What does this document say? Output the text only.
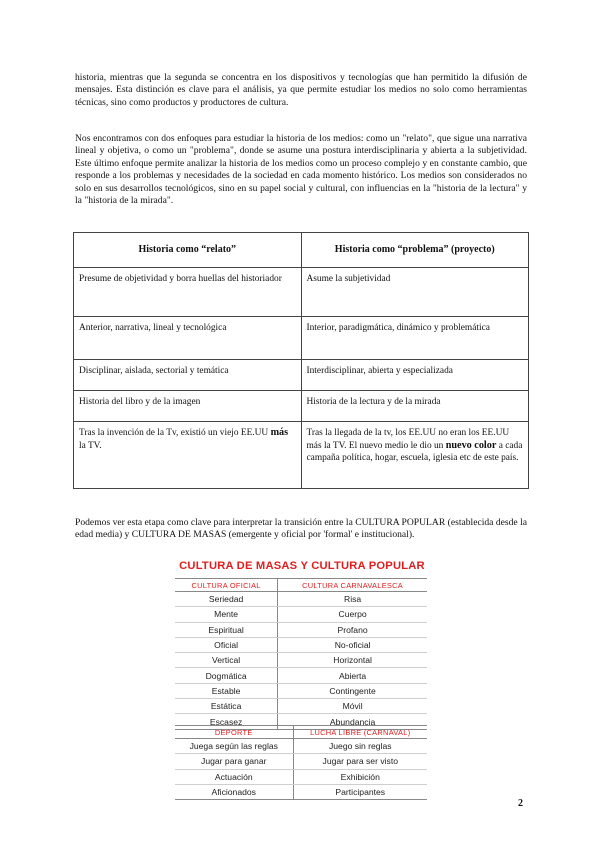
historia, mientras que la segunda se concentra en los dispositivos y tecnologías que han permitido la difusión de mensajes. Esta distinción es clave para el análisis, ya que permite estudiar los medios no solo como herramientas técnicas, sino como productos y productores de cultura.

Nos encontramos con dos enfoques para estudiar la historia de los medios: como un "relato", que sigue una narrativa lineal y objetiva, o como un "problema", donde se asume una postura interdisciplinaria y abierta a la subjetividad. Este último enfoque permite analizar la historia de los medios como un proceso complejo y en constante cambio, que responde a los problemas y necesidades de la sociedad en cada momento histórico. Los medios son considerados no solo en sus desarrollos tecnológicos, sino en su papel social y cultural, con influencias en la "historia de la lectura" y la "historia de la mirada".

Historia como “relato”	Historia como “problema” (proyecto)
Presume de objetividad y borra huellas del historiador	Asume la subjetividad
Anterior, narrativa, lineal y tecnológica	Interior, paradigmática, dinámico y problemática
Disciplinar, aislada, sectorial y temática	Interdisciplinar, abierta y especializada
Historia del libro y de la imagen	Historia de la lectura y de la mirada
Tras la invención de la Tv, existió un viejo EE.UU más la TV.	Tras la llegada de la tv, los EE.UU no eran los EE.UU más la TV. El nuevo medio le dio un nuevo color a cada campaña política, hogar, escuela, iglesia etc de este país.

Podemos ver esta etapa como clave para interpretar la transición entre la CULTURA POPULAR (establecida desde la edad media) y CULTURA DE MASAS (emergente y oficial por 'formal' e institucional).

CULTURA DE MASAS Y CULTURA POPULAR
CULTURA OFICIAL	CULTURA CARNAVALESCA
Seriedad	Risa
Mente	Cuerpo
Espiritual	Profano
Oficial	No-oficial
Vertical	Horizontal
Dogmática	Abierta
Estable	Contingente
Estática	Móvil
Escasez	Abundancia
DEPORTE	LUCHA LIBRE (CARNAVAL)
Juega según las reglas	Juego sin reglas
Jugar para ganar	Jugar para ser visto
Actuación	Exhibición
Aficionados	Participantes
2
